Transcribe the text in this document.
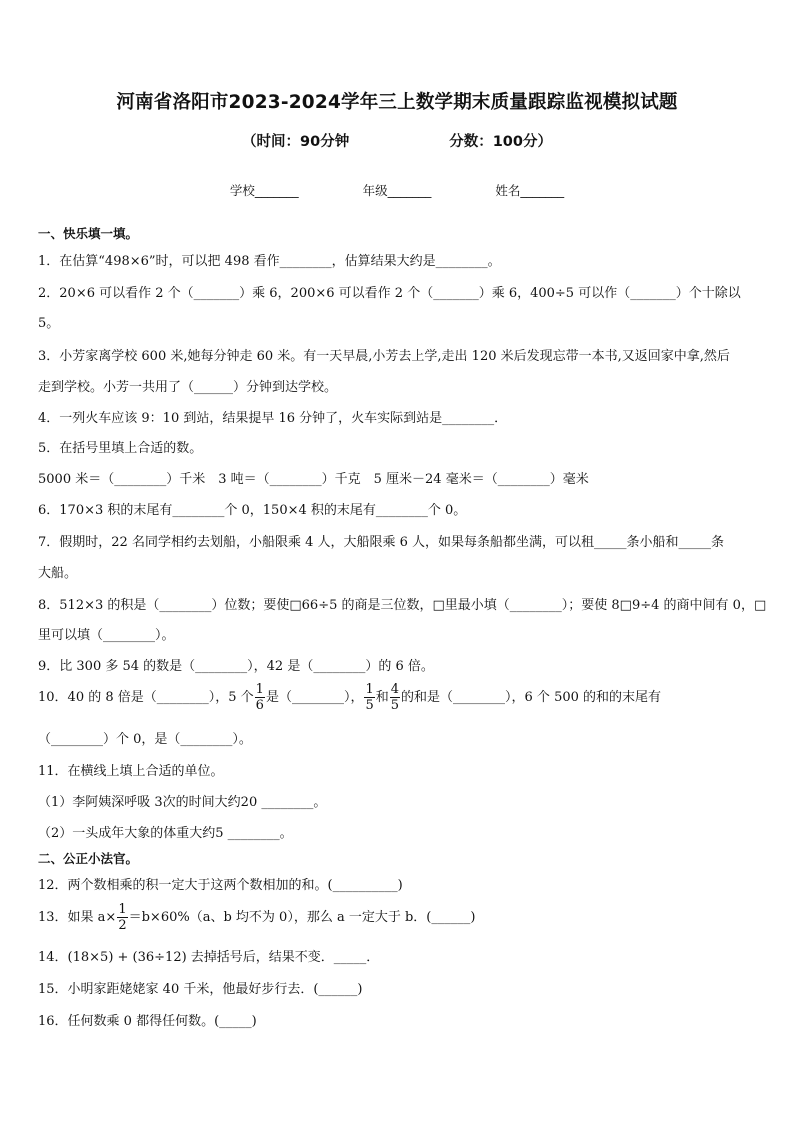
河南省洛阳市2023-2024学年三上数学期末质量跟踪监视模拟试题
（时间：90分钟	分数：100分）
学校_______	年级_______	姓名_______
一、快乐填一填。
1．在估算“498×6”时，可以把 498 看作________，估算结果大约是________。
2．20×6 可以看作 2 个（_______）乘 6，200×6 可以看作 2 个（_______）乘 6，400÷5 可以作（_______）个十除以
5。
3．小芳家离学校 600 米,她每分钟走 60 米。有一天早晨,小芳去上学,走出 120 米后发现忘带一本书,又返回家中拿,然后
走到学校。小芳一共用了（______）分钟到达学校。
4．一列火车应该 9：10 到站，结果提早 16 分钟了，火车实际到站是________．
5．在括号里填上合适的数。
5000 米＝（________）千米　3 吨＝（________）千克　5 厘米－24 毫米＝（________）毫米
6．170×3 积的末尾有________个 0，150×4 积的末尾有________个 0。
7．假期时，22 名同学相约去划船，小船限乘 4 人，大船限乘 6 人，如果每条船都坐满，可以租_____条小船和_____条
大船。
8．512×3 的积是（________）位数；要使□66÷5 的商是三位数，□里最小填（________）；要使 8□9÷4 的商中间有 0，□
里可以填（________）。
9．比 300 多 54 的数是（________），42 是（________）的 6 倍。
10．40 的 8 倍是（________），5 个 $\frac{1}{6}$ 是（________）， $\frac{1}{5}$ 和 $\frac{4}{5}$ 的和是（________），6 个 500 的和的末尾有
（________）个 0，是（________）。
11．在横线上填上合适的单位。
（1）李阿姨深呼吸 3次的时间大约20 ________。
（2）一头成年大象的体重大约5 ________。
二、公正小法官。
12．两个数相乘的积一定大于这两个数相加的和。(__________)
13．如果 $a\times \frac{1}{2} =b\times 60\%(a$、b 均不为 0），那么 a 一定大于 b．(______)
14．(18×5) + (36÷12) 去掉括号后，结果不变．_____．
15．小明家距姥姥家 40 千米，他最好步行去．(______)
16．任何数乘 0 都得任何数。(_____)
